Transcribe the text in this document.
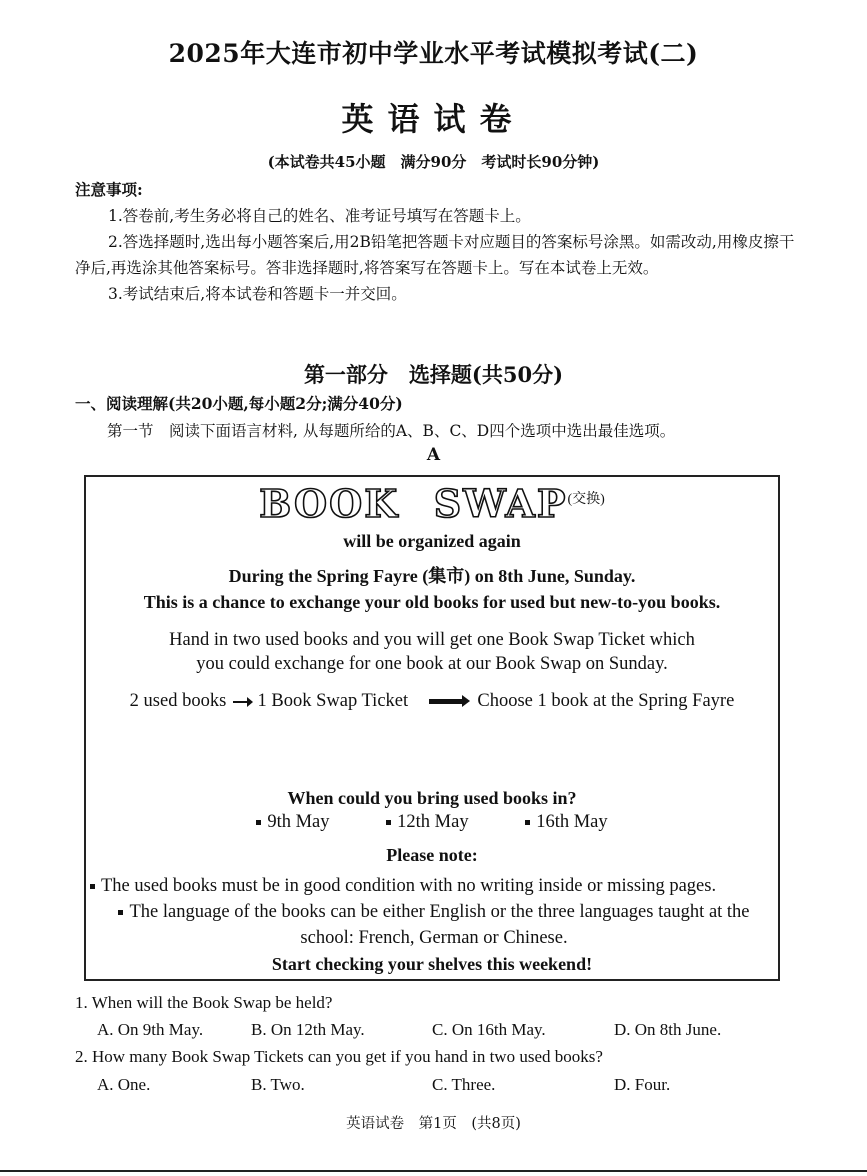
2025年大连市初中学业水平考试模拟考试(二)
英语试卷
(本试卷共45小题　满分90分　考试时长90分钟)

注意事项:

1.答卷前,考生务必将自己的姓名、准考证号填写在答题卡上。

2.答选择题时,选出每小题答案后,用2B铅笔把答题卡对应题目的答案标号涂黑。如需改动,用橡皮擦干净后,再选涂其他答案标号。答非选择题时,将答案写在答题卡上。写在本试卷上无效。

3.考试结束后,将本试卷和答题卡一并交回。

第一部分　选择题(共50分)
一、阅读理解(共20小题,每小题2分;满分40分)
第一节　阅读下面语言材料, 从每题所给的A、B、C、D四个选项中选出最佳选项。
A
BOOK SWAP$^{(交换)}$
will be organized again
During the Spring Fayre (集市) on 8th June, Sunday.
This is a chance to exchange your old books for used but new-to-you books.
Hand in two used books and you will get one Book Swap Ticket which
you could exchange for one book at our Book Swap on Sunday.
2 used books 1 Book Swap Ticket	Choose 1 book at the Spring Fayre
When could you bring used books in?
9th May	12th May	16th May
Please note:
The used books must be in good condition with no writing inside or missing pages.
The language of the books can be either English or the three languages taught at the school: French, German or Chinese.
Start checking your shelves this weekend!
1. When will the Book Swap be held?
A. On 9th May.	B. On 12th May.	C. On 16th May.	D. On 8th June.
2. How many Book Swap Tickets can you get if you hand in two used books?
A. One.	B. Two.	C. Three.	D. Four.
英语试卷　第1页　(共8页)
